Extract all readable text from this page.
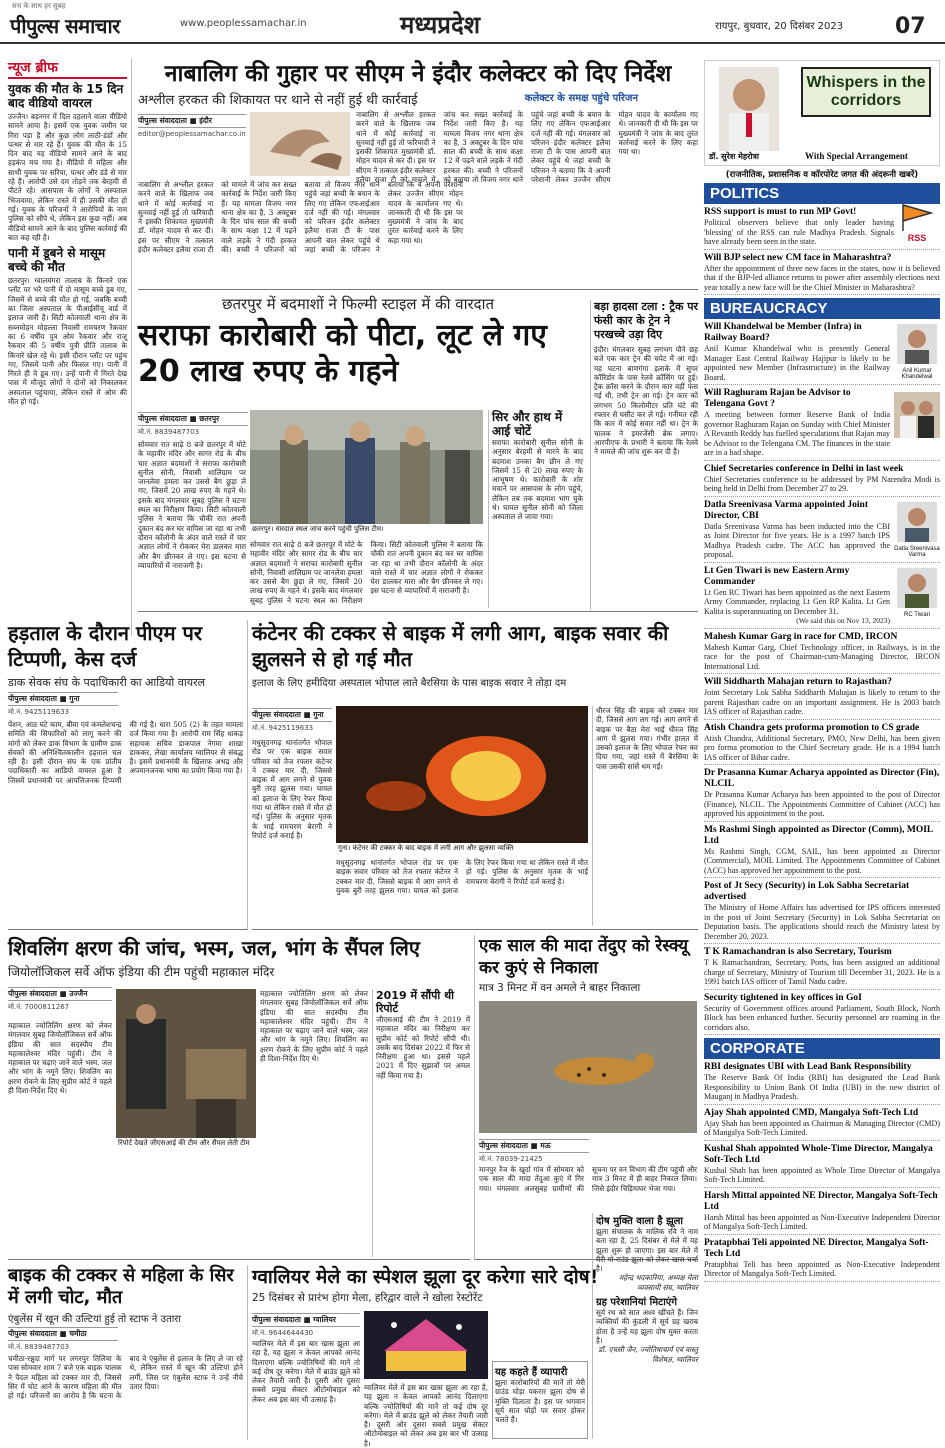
सच के साथ हर सुबह
पीपुल्स समाचार	www.peoplessamachar.in	मध्यप्रदेश	रायपुर, बुधवार, 20 दिसंबर 2023 07
न्यूज ब्रीफ
युवक की मौत के 15 दिन बाद वीडियो वायरल
उज्जैन। बड़नगर में दिल दहलाने वाला वीडियो सामने आया है। इसमें एक युवक जमीन पर गिरा पड़ा है और कुछ लोग लाठी-डंडों और पत्थर से मार रहे हैं। युवक की मौत के 15 दिन बाद यह वीडियो सामने आने के बाद हड़कंप मच गया है। वीडियो में महिला और साथी युवक पर सरिया, पत्थर और डंडे से मार रहे हैं। आरोपी उसे दम तोड़ने तक बेरहमी से पीटते रहे। आसपास के लोगों ने अस्पताल भिजवाया, लेकिन रास्ते में ही उसकी मौत हो गई। युवक के परिजनों ने आरोपियों के नाम पुलिस को सौंपे थे, लेकिन इस कुछ नहीं। अब वीडियो सामने आने के बाद पुलिस कार्रवाई की बात कह रही है।
पानी में डूबने से मासूम बच्चे की मौत
छतरपुर। ग्वालमंगरा तालाब के किनारे एक प्लॉट पर भरे पानी में दो मासूम बच्चे डूब गए, जिसमें से बच्चे की मौत हो गई, जबकि बच्ची का जिला अस्पताल के पीआईसीयू वार्ड में इलाज जारी है। सिटी कोतवाली थाना क्षेत्र के सब्नमोहन मोहल्ला निवासी रामचरण रैकवार का 6 वर्षीय पुत्र ओम रैकवार और राजू रैकवार की 5 वर्षीय पुत्री प्रीति तालाब के किनारे खेल रहे थे। इसी दौरान प्लॉट पर पहुंच गए, जिसमें पानी और फिसल गए। पानी में गिरते ही वे डूब गए। उन्हें पानी में गिरते देख पास में मौजूद लोगों ने दोनों को निकालकर अस्पताल पहुंचाया, लेकिन रास्ते में ओम की मौत हो गई।
नाबालिग की गुहार पर सीएम ने इंदौर कलेक्टर को दिए निर्देश
अश्लील हरकत की शिकायत पर थाने से नहीं हुई थी कार्रवाई	कलेक्टर के समक्ष पहुंचे परिजन
पीपुल्स संवाददाता ■ इंदौर
editor@peoplessamachar.co.in
नाबालिग से अश्लील हरकत करने वाले के खिलाफ जब थाने में कोई कार्रवाई ना सुनवाई नहीं हुई तो फरियादी ने इसकी शिकायत मुख्यमंत्री डॉ. मोहन यादव से कर दी। इस पर सीएम ने तत्काल इंदौर कलेक्टर इलैया राजा टी को मामले में जांच कर सख्त कार्रवाई के निर्देश जारी किए हैं। यह मामला विजय नगर थाना क्षेत्र का है, 3 अक्टूबर के दिन पांच साल की बच्ची के साथ कक्षा 12 में पढ़ने वाले लड़के ने गंदी हरकत की। बच्ची ने परिजनों को बताया तो विजय नगर थाने पहुंचे जहां बच्ची के बयान के लिए गए लेकिन एफआईआर दर्ज नहीं की गई। मंगलवार को परिजन इंदौर कलेक्टर इलैया राजा टी के पास आपनी बात लेकर पहुंचे थे जहां बच्ची के परिजन ने बताया कि वे अपनी परेशानी लेकर उज्जैन सीएम मोहन यादव के कार्यालय गए थे। जानकारी दी थी कि इस पर मुख्यमंत्री ने जांच के बाद तुरंत कार्रवाई करने के लिए कहा गया था।
नाबालिग से अश्लील हरकत करने वाले के खिलाफ जब थाने में कोई कार्रवाई ना सुनवाई नहीं हुई तो फरियादी ने इसकी शिकायत मुख्यमंत्री डॉ. मोहन यादव से कर दी। इस पर सीएम ने तत्काल इंदौर कलेक्टर इलैया राजा टी को मामले में जांच कर सख्त कार्रवाई के निर्देश जारी किए हैं। यह मामला विजय नगर थाना क्षेत्र का है, 3 अक्टूबर के दिन पांच साल की बच्ची के साथ कक्षा 12 में पढ़ने वाले लड़के ने गंदी हरकत की। बच्ची ने परिजनों को बताया तो विजय नगर थाने पहुंचे जहां बच्ची के बयान के लिए गए लेकिन एफआईआर दर्ज नहीं की गई। मंगलवार को परिजन इंदौर कलेक्टर इलैया राजा टी के पास आपनी बात लेकर पहुंचे थे जहां बच्ची के परिजन ने बताया कि वे अपनी परेशानी लेकर उज्जैन सीएम मोहन यादव के कार्यालय गए थे। जानकारी दी थी कि इस पर मुख्यमंत्री ने जांच के बाद तुरंत कार्रवाई करने के लिए कहा गया था।
छतरपुर में बदमाशों ने फिल्मी स्टाइल में की वारदात
सराफा कारोबारी को पीटा, लूट ले गए 20 लाख रुपए के गहने
पीपुल्स संवाददाता ■ छतरपुर
मो.नं. 8839487703
छतरपुर। वारदात स्थल जांच करने पहुंची पुलिस टीम।
सोमवार रात साढ़े 8 बजे छतरपुर में मोटे के महावीर मंदिर और सागर रोड के बीच चार अज्ञात बदमाशों ने सराफा कारोबारी सुनील सोनी, निवासी शालिग्राम पर जानलेवा हमला कर उससे बैग छुड़ा ले गए, जिसमें 20 लाख रुपए के गहने थे। इसके बाद मंगलवार सुबह पुलिस ने घटना स्थल का निरीक्षण किया। सिटी कोतवाली पुलिस ने बताया कि चौकी रात अपनी दुकान बंद कर घर वापिस जा रहा था तभी दौरान कॉलोनी के अंदर वाले रास्ते में चार अज्ञात लोगों ने रोककर घेरा डालकर मारा और बैग छीनकर ले गए। इस घटना से व्यापारियों में नाराजगी है।
सोमवार रात साढ़े 8 बजे छतरपुर में मोटे के महावीर मंदिर और सागर रोड के बीच चार अज्ञात बदमाशों ने सराफा कारोबारी सुनील सोनी, निवासी शालिग्राम पर जानलेवा हमला कर उससे बैग छुड़ा ले गए, जिसमें 20 लाख रुपए के गहने थे। इसके बाद मंगलवार सुबह पुलिस ने घटना स्थल का निरीक्षण किया। सिटी कोतवाली पुलिस ने बताया कि चौकी रात अपनी दुकान बंद कर घर वापिस जा रहा था तभी दौरान कॉलोनी के अंदर वाले रास्ते में चार अज्ञात लोगों ने रोककर घेरा डालकर मारा और बैग छीनकर ले गए। इस घटना से व्यापारियों में नाराजगी है।
सिर और हाथ में आई चोटें
सराफा कारोबारी सुनील सोनी के अनुसार बेरहमी से मारने के बाद बदमाश उनका बैग छीन ले गए जिसमें 15 से 20 लाख रुपए के आभूषण थे। कारोबारी के शोर मचाने पर आसपास के लोग पहुंचे, लेकिन तब तक बदमाश भाग चुके थे। घायल सुनील सोनी को जिला अस्पताल ले जाया गया।
बड़ा हादसा टला : ट्रैक पर फंसी कार के ट्रेन ने परखच्चे उड़ा दिए
इंदौर। मंगलवार सुबह लगभग पौने छह बजे एक कार ट्रेन की चपेट में आ गई। यह घटना बाणगंगा इलाके में सुपर कॉरिडोर के पास रेलवे क्रॉसिंग पर हुई। ट्रैक क्रॉस करने के दौरान कार वहीं फंस गई थी, तभी ट्रेन आ गई। ट्रेन कार को लगभग 50 किलोमीटर प्रति घंटे की रफ्तार से घसीट कर ले गई। गनीमत रही कि कार में कोई सवार नहीं था। ट्रेन के चालक ने इमरजेंसी ब्रेक लगाए। आरपीएफ के प्रभारी ने बताया कि रेलवे ने मामले की जांच शुरू कर दी है।
हड़ताल के दौरान पीएम पर टिप्पणी, केस दर्ज
डाक सेवक संघ के पदाधिकारी का आडियो वायरल
पीपुल्स संवाददाता ■ गुना
मो.नं. 9425119633
पेंशन, आठ घंटे काम, बीमा एवं कमलेशचन्द्र समिति की सिफारिशों को लागू करने की मांगों को लेकर डाक विभाग के ग्रामीण डाक सेवकों की अनिश्चितकालीन हड़ताल चल रही है। इसी दौरान संघ के एक प्रांतीय पदाधिकारी का आडियो वायरल हुआ है जिसमें प्रधानमंत्री पर आपत्तिजनक टिप्पणी की गई है। धारा 505 (2) के तहत मामला दर्ज किया गया है। आरोपी राम सिंह धाकड़ सहायक सचिव डाकपाल नेगमा शाखा डाककर, लेखा कार्यालय ग्वालियर से संबद्ध है। इसमें प्रधानमंत्री के खिलाफ अभद्र और अपमानजनक भाषा का प्रयोग किया गया है।
कंटेनर की टक्कर से बाइक में लगी आग, बाइक सवार की झुलसने से हो गई मौत
इलाज के लिए हमीदिया अस्पताल भोपाल लाते बैरसिया के पास बाइक सवार ने तोड़ा दम
पीपुल्स संवाददाता ■ गुना
मो.नं. 9425119633
गुना। कंटेनर की टक्कर के बाद बाइक में लगी आग और झुलसा व्यक्ति
मधुसूदनगढ़ थानांतर्गत भोपाल रोड पर एक बाइक सवार परिवार को तेज रफ्तार कंटेनर ने टक्कर मार दी, जिससे बाइक में आग लगने से युवक बुरी तरह झुलस गया। घायल को इलाज के लिए रेफर किया गया था लेकिन रास्ते में मौत हो गई। पुलिस के अनुसार मृतक के भाई रामचरण बेरागी ने रिपोर्ट दर्ज कराई है।
मधुसूदनगढ़ थानांतर्गत भोपाल रोड पर एक बाइक सवार परिवार को तेज रफ्तार कंटेनर ने टक्कर मार दी, जिससे बाइक में आग लगने से युवक बुरी तरह झुलस गया। घायल को इलाज के लिए रेफर किया गया था लेकिन रास्ते में मौत हो गई। पुलिस के अनुसार मृतक के भाई रामचरण बेरागी ने रिपोर्ट दर्ज कराई है।
धीरज सिंह की बाइक को टक्कर मार दी, जिससे आग लग गई। आग लगने से बाइक पर बैठा मेरा भाई धीरज सिंह आग में झुलस गया। गंभीर हालत में उसको इलाज के लिए भोपाल रेफर कर दिया गया, जहां रास्ते में बैरसिया के पास उसकी सांसें थम गईं।
शिवलिंग क्षरण की जांच, भस्म, जल, भांग के सैंपल लिए
जियोलॉजिकल सर्वे ऑफ इंडिया की टीम पहुंची महाकाल मंदिर
पीपुल्स संवाददाता ■ उज्जैन
मो.नं. 7000811267
रिपोर्ट देखते जीएसआई की टीम और सैंपल लेती टीम
महाकाल ज्योतिलिंग क्षरण को लेकर मंगलवार सुबह जियोलॉजिकल सर्वे ऑफ इंडिया की सात सदस्यीय टीम महाकालेश्वर मंदिर पहुंची। टीम ने महाकाल पर चढ़ाए जाने वाले भस्म, जल और भांग के नमूने लिए। शिवलिंग का क्षरण रोकने के लिए सुप्रीम कोर्ट ने पहले ही दिशा-निर्देश दिए थे।
महाकाल ज्योतिलिंग क्षरण को लेकर मंगलवार सुबह जियोलॉजिकल सर्वे ऑफ इंडिया की सात सदस्यीय टीम महाकालेश्वर मंदिर पहुंची। टीम ने महाकाल पर चढ़ाए जाने वाले भस्म, जल और भांग के नमूने लिए। शिवलिंग का क्षरण रोकने के लिए सुप्रीम कोर्ट ने पहले ही दिशा-निर्देश दिए थे।
2019 में सौंपी थी रिपोर्ट
जीएसआई की टीम ने 2019 में महाकाल मंदिर का निरीक्षण कर सुप्रीम कोर्ट को रिपोर्ट सौंपी थी। उसके बाद दिसंबर 2022 में फिर से निरीक्षण हुआ था। इससे पहले 2021 में दिए सुझावों पर अमल नहीं किया गया है।
एक साल की मादा तेंदुए को रेस्क्यू कर कुएं से निकाला
मात्र 3 मिनट में वन अमले ने बाहर निकाला
पीपुल्स संवाददाता ■ मऊ
मो.नं. 78039-21425
मानपुर रेंज के खुर्दा गांव में सोमवार को एक साल की मादा तेंदुआ कुएं में गिर गया। मंगलवार अलसुबह ग्रामीणों की सूचना पर वन विभाग की टीम पहुंची और मात्र 3 मिनट में ही बाहर निकाल लिया। जिसे इंदौर चिड़ियाघर भेजा गया।
बाइक की टक्कर से महिला के सिर में लगी चोट, मौत
एंबुलेंस में खून की उल्टियां हुई तो स्टाफ ने उतारा
पीपुल्स संवाददाता ■ चमीठा
मो.नं. 8839487703
चमीठा-रन्नुदा मार्ग पर लगरपुर तिलिया के पास सोमवार शाम 7 बजे एक बाइक चालक ने पैदल महिला को टक्कर मार दी, जिससे सिर में चोट आने के कारण महिला की मौत हो गई। परिजनों का आरोप है कि घटना के बाद वे एंबुलेंस से इलाज के लिए ले जा रहे थे, लेकिन रास्ते में खून की उल्टियां होने लगीं, जिस पर एंबुलेंस स्टाफ ने उन्हें नीचे उतार दिया।
ग्वालियर मेले का स्पेशल झूला दूर करेगा सारे दोष!
25 दिसंबर से प्रारंभ होगा मेला, हरिद्वार वाले ने खोला रेस्टोरेंट
पीपुल्स संवाददाता ■ ग्वालियर
मो.नं. 9644644430
ग्वालियर मेले में इस बार खास झूला आ रहा है, यह झूला न केवल आपको आनंद दिलाएगा बल्कि ज्योतिषियों की मानें तो कई दोष दूर करेगा। मेले में ब्राउंड झूले को लेकर तैयारी जारी है। दूसरी ओर दूसरा सबसे प्रमुख सेक्टर ऑटोमोबाइल को लेकर अब इस बार भी उत्साह है।
ग्वालियर मेले में इस बार खास झूला आ रहा है, यह झूला न केवल आपको आनंद दिलाएगा बल्कि ज्योतिषियों की मानें तो कई दोष दूर करेगा। मेले में ब्राउंड झूले को लेकर तैयारी जारी है। दूसरी ओर दूसरा सबसे प्रमुख सेक्टर ऑटोमोबाइल को लेकर अब इस बार भी उत्साह है।
यह कहते हैं व्यापारी
झूला कारोबारियों की मानें तो मेरी ग्राउंड घोड़ा यकरार झूला दोष से मुक्ति दिलाता है। इस पर भगवान सूर्य सात घोड़ों पर सवार होकर चलते हैं।
दोष मुक्ति वाला है झूला
झूला संचालक के मालिक रवि ने नाम बता रहा है, 25 दिसंबर से मेले में यह झूला शुरू हो जाएगा। इस बार मेले में मैरी गो-राउंड झूला को लेकर खास चर्चा है।
महेन्द्र भदकारिया, अध्यक्ष मेला व्यवसायी संघ, ग्वालियर
ग्रह परेशानियां मिटाएंगे
सूर्य रथ को सात अश्व खींचते हैं। जिन व्यक्तियों की कुंडली में सूर्य ग्रह खराब होता है उन्हें यह झूला दोष मुक्त करता है।
डॉ. एचसी जैन, ज्योतिषाचार्य एवं वास्तु विशेषज्ञ, ग्वालियर
Whispers in the corridors
डॉ. सुरेश मेहरोत्रा	With Special Arrangement
(राजनीतिक, प्रशासनिक व कॉरपोरेट जगत की अंदरूनी खबरें)
POLITICS
RSS
RSS support is must to run MP Govt!
Political observers believe that only leader having 'blessing' of the RSS can rule Madhya Pradesh. Signals have already been seen in the state.
Will BJP select new CM face in Maharashtra?
After the appointment of three new faces in the states, now it is believed that if the BJP-led alliance returns to power after assembly elections next year totally a new face will be the Chief Minister in Maharashtra?
BUREAUCRACY
Will Khandelwal be Member (Infra) in Railway Board?
Anil Kumar Khandelwal who is presently General Manager East Central Railway Hajipur is likely to be appointed new Member (Infrastructure) in the Railway Board.
Anil Kumar Khandelwal
Will Raghuram Rajan be Advisor to Telengana Govt ?
A meeting between former Reserve Bank of India governor Raghuram Rajan on Sunday with Chief Minister A Revanth Reddy has fuelled speculations that Rajan may be Advisor to the Telengana CM. The finances in the state are in a bad shape.
Chief Secretaries conference in Delhi in last week
Chief Secretaries conference to be addressed by PM Narendra Modi is being held in Delhi from December 27 to 29.
Datla Sreenivasa Varma appointed Joint Director, CBI
Datla Sreenivasa Varma has been inducted into the CBI as Joint Director for five years. He is a 1997 batch IPS Madhya Pradesh cadre. The ACC has approved the proposal.
Datla Sreenivasa Varma
Lt Gen Tiwari is new Eastern Army Commander
Lt Gen RC Tiwari has been appointed as the next Eastern Army Commander, replacing Lt Gen RP Kalita. Lt Gen Kalita is superannuating on December 31.
(We said this on Nov 13, 2023)
RC Tiwari
Mahesh Kumar Garg in race for CMD, IRCON
Mahesh Kumar Garg, Chief Technology officer, in Railways, is in the race for the post of Chairman-cum-Managing Director, IRCON International Ltd.
Will Siddharth Mahajan return to Rajasthan?
Joint Secretary Lok Sabha Siddharth Mahajan is likely to return to the parent Rajasthan cadre on an important assignment. He is 2003 batch IAS officer of Rajasthan cadre.
Atish Chandra gets proforma promotion to CS grade
Atish Chandra, Additional Secretary, PMO, New Delhi, has been given pro forma promotion to the Chief Secretary grade. He is a 1994 batch IAS officer of Bihar cadre.
Dr Prasanna Kumar Acharya appointed as Director (Fin), NLCIL
Dr Prasanna Kumar Acharya has been appointed to the post of Director (Finance), NLCIL. The Appointments Committee of Cabinet (ACC) has approved his appointment to the post.
Ms Rashmi Singh appointed as Director (Comm), MOIL Ltd
Ms Rashmi Singh, CGM, SAIL, has been appointed as Director (Commercial), MOIL Limited. The Appointments Committee of Cabinet (ACC) has approved her appointment to the post.
Post of Jt Secy (Security) in Lok Sabha Secretariat advertised
The Ministry of Home Affairs has advertised for IPS officers interested in the post of Joint Secretary (Security) in Lok Sabha Secretariat on Deputation basis. The applications should reach the Ministry latest by December 20, 2023.
T K Ramachandran is also Secretary, Tourism
T K Ramachandran, Secretary, Ports, has been assigned an additional charge of Secretary, Ministry of Tourism till December 31, 2023. He is a 1991 batch IAS officer of Tamil Nadu cadre.
Security tightened in key offices in GoI
Security of Government offices around Parliament, South Block, North Block has been enhanced further. Security personnel are roaming in the corridors also.
CORPORATE
RBI designates UBI with Lead Bank Responsibility
The Reserve Bank Of India (RBI) has designated the Lead Bank Responsibility to Union Bank Of India (UBI) in the new district of Mauganj in Madhya Pradesh.
Ajay Shah appointed CMD, Mangalya Soft-Tech Ltd
Ajay Shah has been appointed as Chairman & Managing Director (CMD) of Mangalya Soft-Tech Limited.
Kushal Shah appointed Whole-Time Director, Mangalya Soft-Tech Ltd
Kushal Shah has been appointed as Whole Time Director of Mangalya Soft-Tech Limited.
Harsh Mittal appointed NE Director, Mangalya Soft-Tech Ltd
Harsh Mittal has been appointed as Non-Executive Independent Director of Mangalya Soft-Tech Limited.
Pratapbhai Teli appointed NE Director, Mangalya Soft-Tech Ltd
Pratapbhai Teli has been appointed as Non-Executive Independent Director of Mangalya Soft-Tech Limited.
